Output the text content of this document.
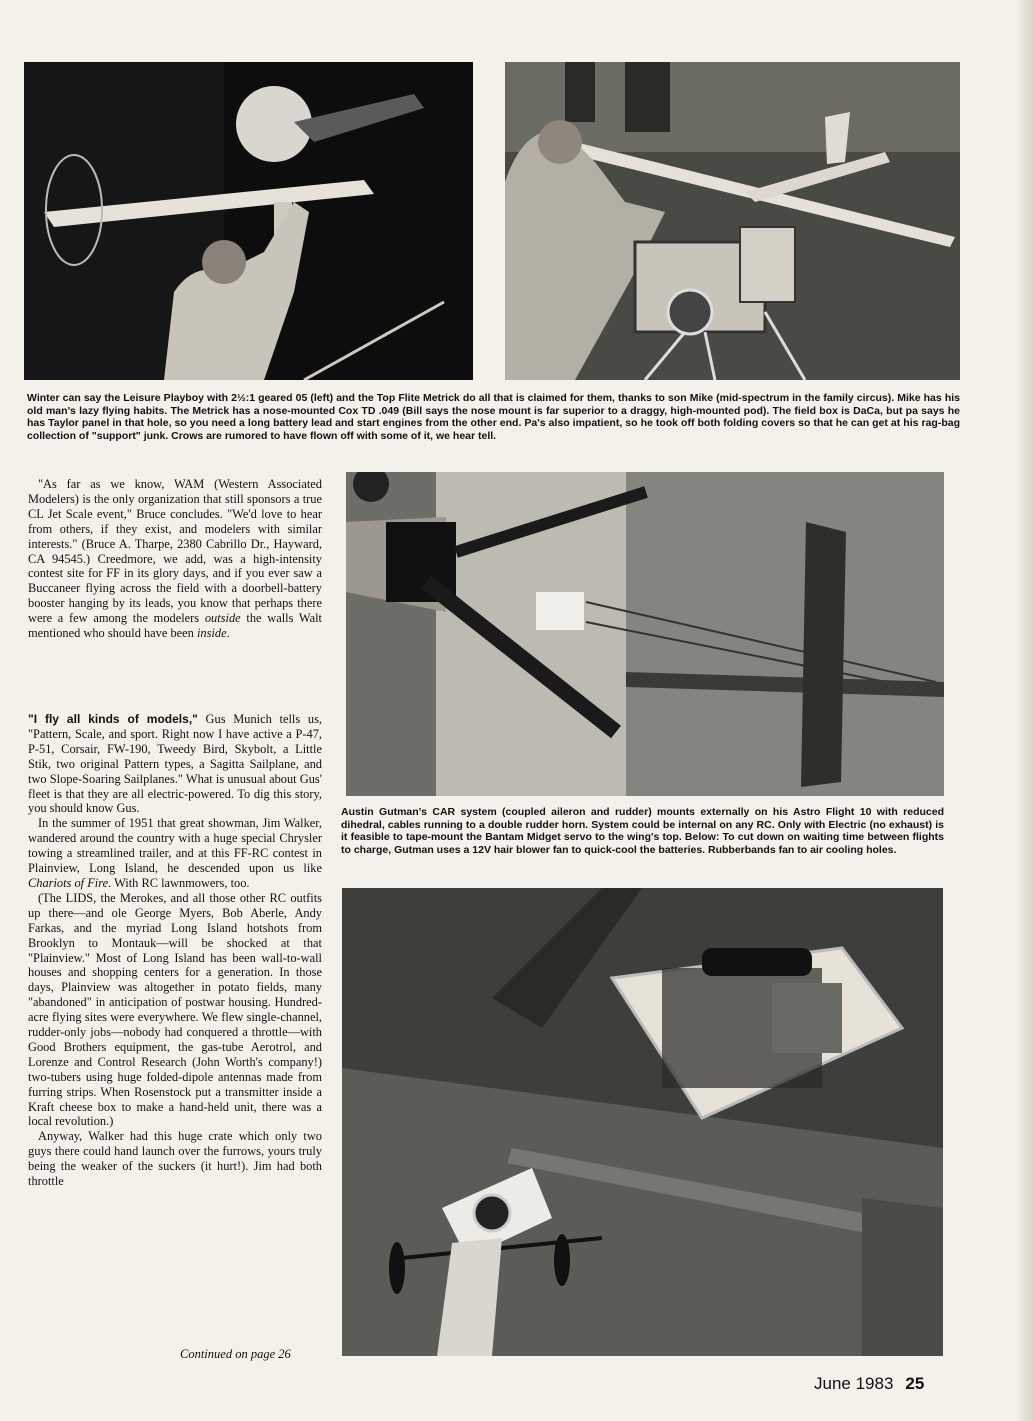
Winter can say the Leisure Playboy with 2½:1 geared 05 (left) and the Top Flite Metrick do all that is claimed for them, thanks to son Mike (mid-spectrum in the family circus). Mike has his old man's lazy flying habits. The Metrick has a nose-mounted Cox TD .049 (Bill says the nose mount is far superior to a draggy, high-mounted pod). The field box is DaCa, but pa says he has Taylor panel in that hole, so you need a long battery lead and start engines from the other end. Pa's also impatient, so he took off both folding covers so that he can get at his rag-bag collection of "support" junk. Crows are rumored to have flown off with some of it, we hear tell.
Austin Gutman's CAR system (coupled aileron and rudder) mounts externally on his Astro Flight 10 with reduced dihedral, cables running to a double rudder horn. System could be internal on any RC. Only with Electric (no exhaust) is it feasible to tape-mount the Bantam Midget servo to the wing's top. Below: To cut down on waiting time between flights to charge, Gutman uses a 12V hair blower fan to quick-cool the batteries. Rubberbands fan to air cooling holes.

"As far as we know, WAM (Western Associated Modelers) is the only organization that still sponsors a true CL Jet Scale event," Bruce concludes. "We'd love to hear from others, if they exist, and modelers with similar interests." (Bruce A. Tharpe, 2380 Cabrillo Dr., Hayward, CA 94545.) Creedmore, we add, was a high-intensity contest site for FF in its glory days, and if you ever saw a Buccaneer flying across the field with a doorbell-battery booster hanging by its leads, you know that perhaps there were a few among the modelers outside the walls Walt mentioned who should have been inside.

"I fly all kinds of models," Gus Munich tells us, "Pattern, Scale, and sport. Right now I have active a P-47, P-51, Corsair, FW-190, Tweedy Bird, Skybolt, a Little Stik, two original Pattern types, a Sagitta Sailplane, and two Slope-Soaring Sailplanes." What is unusual about Gus' fleet is that they are all electric-powered. To dig this story, you should know Gus.

In the summer of 1951 that great showman, Jim Walker, wandered around the country with a huge special Chrysler towing a streamlined trailer, and at this FF-RC contest in Plainview, Long Island, he descended upon us like Chariots of Fire. With RC lawnmowers, too.

(The LIDS, the Merokes, and all those other RC outfits up there—and ole George Myers, Bob Aberle, Andy Farkas, and the myriad Long Island hotshots from Brooklyn to Montauk—will be shocked at that "Plainview." Most of Long Island has been wall-to-wall houses and shopping centers for a generation. In those days, Plainview was altogether in potato fields, many "abandoned" in anticipation of postwar housing. Hundred-acre flying sites were everywhere. We flew single-channel, rudder-only jobs—nobody had conquered a throttle—with Good Brothers equipment, the gas-tube Aerotrol, and Lorenze and Control Research (John Worth's company!) two-tubers using huge folded-dipole antennas made from furring strips. When Rosenstock put a transmitter inside a Kraft cheese box to make a hand-held unit, there was a local revolution.)

Anyway, Walker had this huge crate which only two guys there could hand launch over the furrows, yours truly being the weaker of the suckers (it hurt!). Jim had both throttle

Continued on page 26
June 1983 25
